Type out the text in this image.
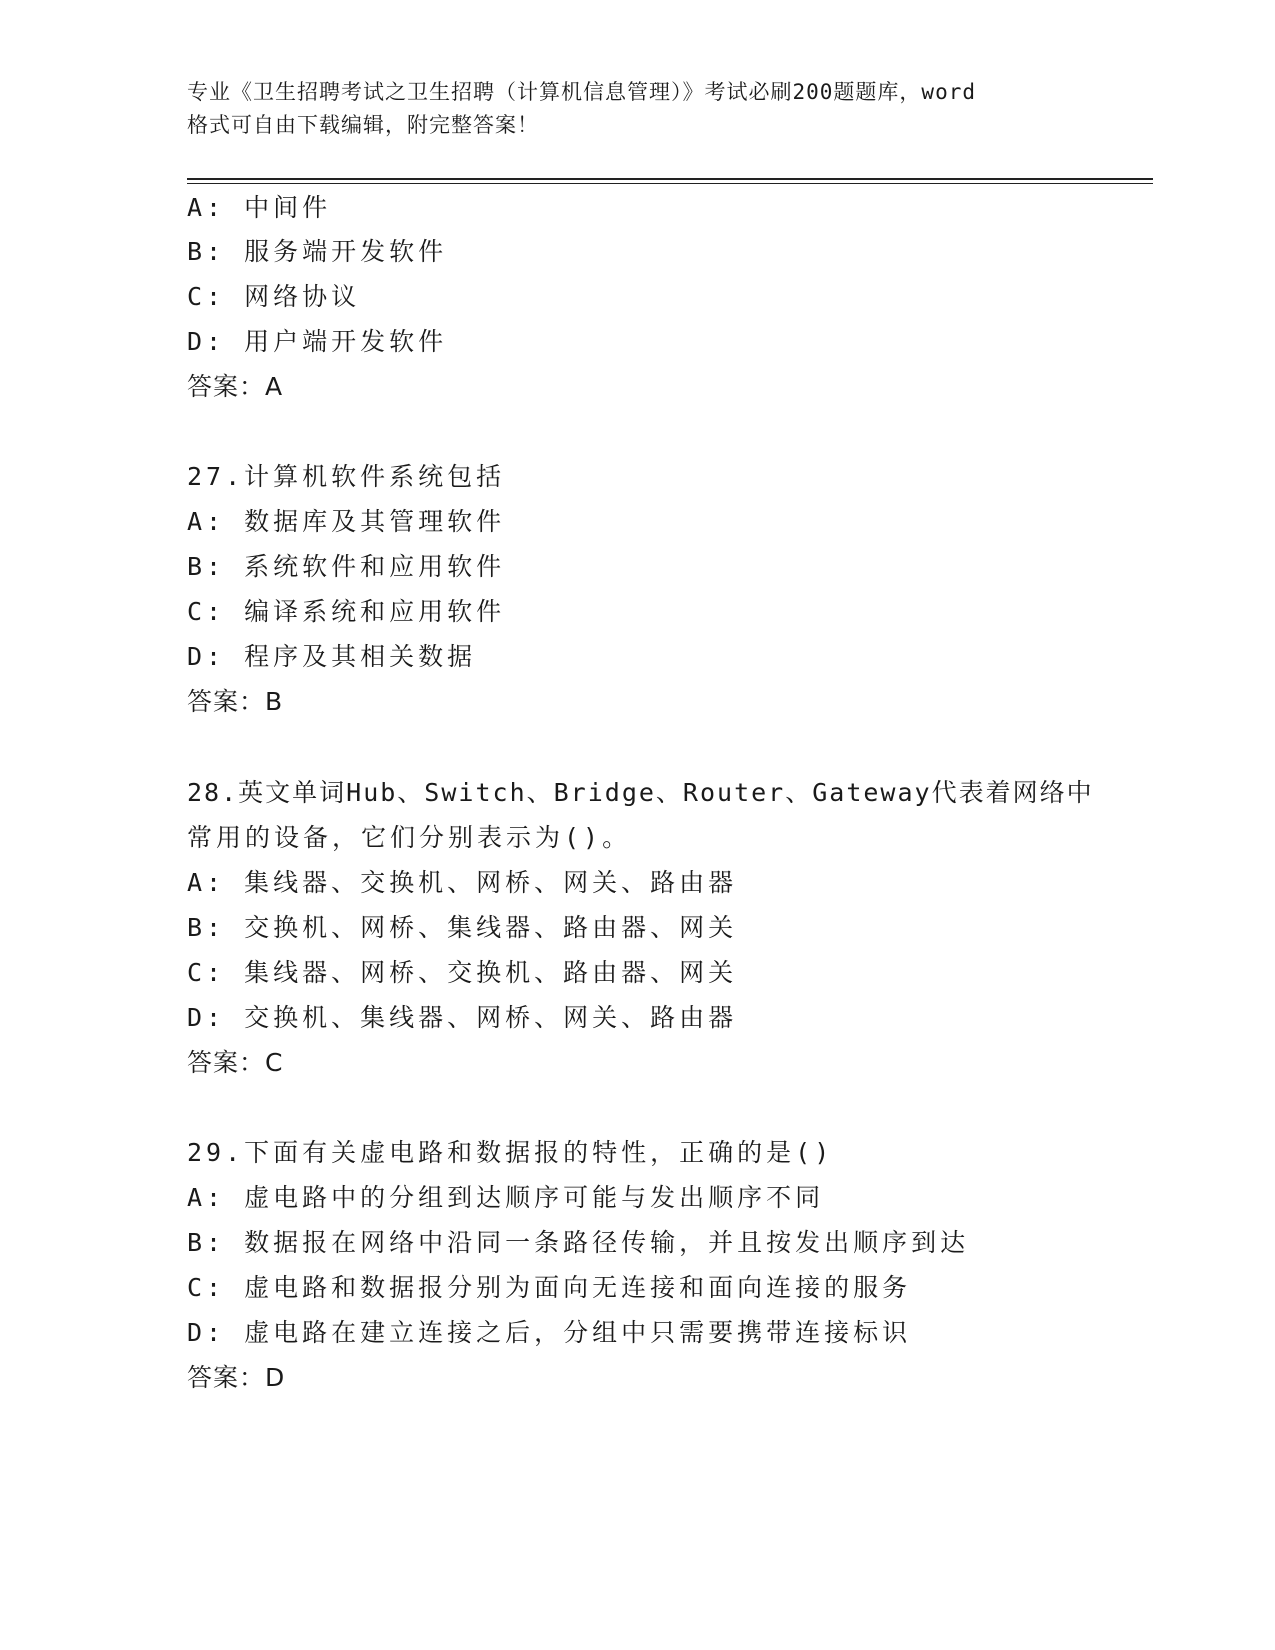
专业《卫生招聘考试之卫生招聘（计算机信息管理）》考试必刷200题题库，word
格式可自由下载编辑，附完整答案！
A: 中间件
B: 服务端开发软件
C: 网络协议
D: 用户端开发软件
答案：A
27.计算机软件系统包括
A: 数据库及其管理软件
B: 系统软件和应用软件
C: 编译系统和应用软件
D: 程序及其相关数据
答案：B
28.英文单词Hub、Switch、Bridge、Router、Gateway代表着网络中
常用的设备，它们分别表示为()。
A: 集线器、交换机、网桥、网关、路由器
B: 交换机、网桥、集线器、路由器、网关
C: 集线器、网桥、交换机、路由器、网关
D: 交换机、集线器、网桥、网关、路由器
答案：C
29.下面有关虚电路和数据报的特性，正确的是()
A: 虚电路中的分组到达顺序可能与发出顺序不同
B: 数据报在网络中沿同一条路径传输，并且按发出顺序到达
C: 虚电路和数据报分别为面向无连接和面向连接的服务
D: 虚电路在建立连接之后，分组中只需要携带连接标识
答案：D
